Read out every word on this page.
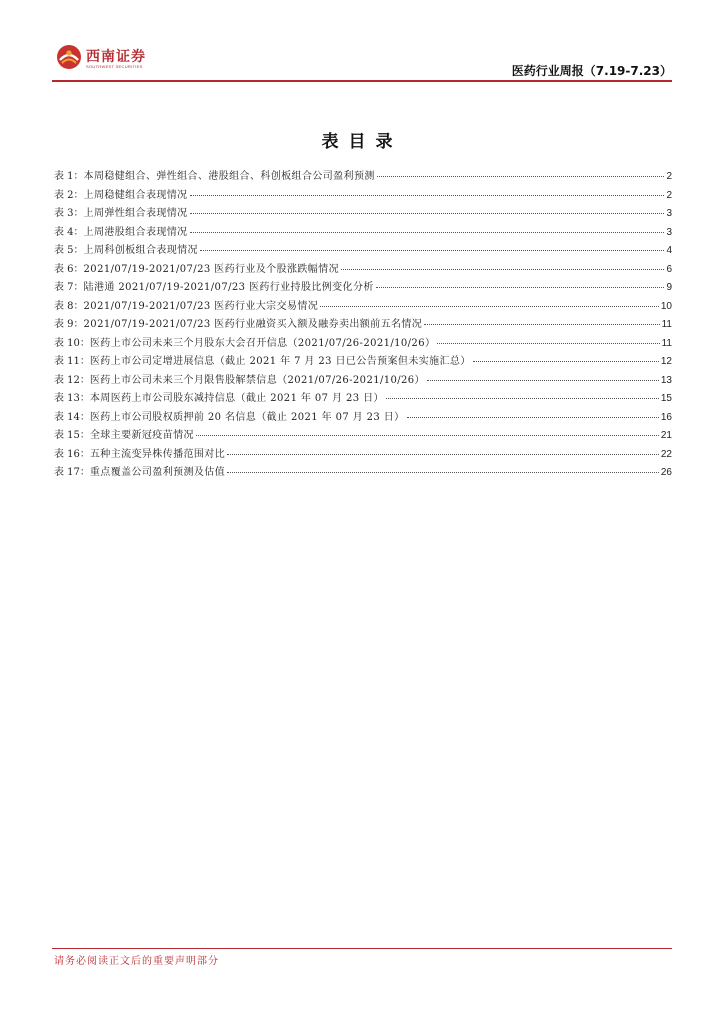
西南证券
SOUTHWEST SECURITIES	医药行业周报（7.19-7.23）
表目录
表 1： 本周稳健组合、弹性组合、港股组合、科创板组合公司盈利预测	2
表 2： 上周稳健组合表现情况	2
表 3： 上周弹性组合表现情况	3
表 4： 上周港股组合表现情况	3
表 5： 上周科创板组合表现情况	4
表 6： 2021/07/19-2021/07/23 医药行业及个股涨跌幅情况	6
表 7： 陆港通 2021/07/19-2021/07/23 医药行业持股比例变化分析	9
表 8： 2021/07/19-2021/07/23 医药行业大宗交易情况	10
表 9： 2021/07/19-2021/07/23 医药行业融资买入额及融券卖出额前五名情况	11
表 10： 医药上市公司未来三个月股东大会召开信息（2021/07/26-2021/10/26）	11
表 11： 医药上市公司定增进展信息（截止 2021 年 7 月 23 日已公告预案但未实施汇总）	12
表 12： 医药上市公司未来三个月限售股解禁信息（2021/07/26-2021/10/26）	13
表 13： 本周医药上市公司股东减持信息（截止 2021 年 07 月 23 日）	15
表 14： 医药上市公司股权质押前 20 名信息（截止 2021 年 07 月 23 日）	16
表 15： 全球主要新冠疫苗情况	21
表 16： 五种主流变异株传播范围对比	22
表 17： 重点覆盖公司盈利预测及估值	26
请务必阅读正文后的重要声明部分
